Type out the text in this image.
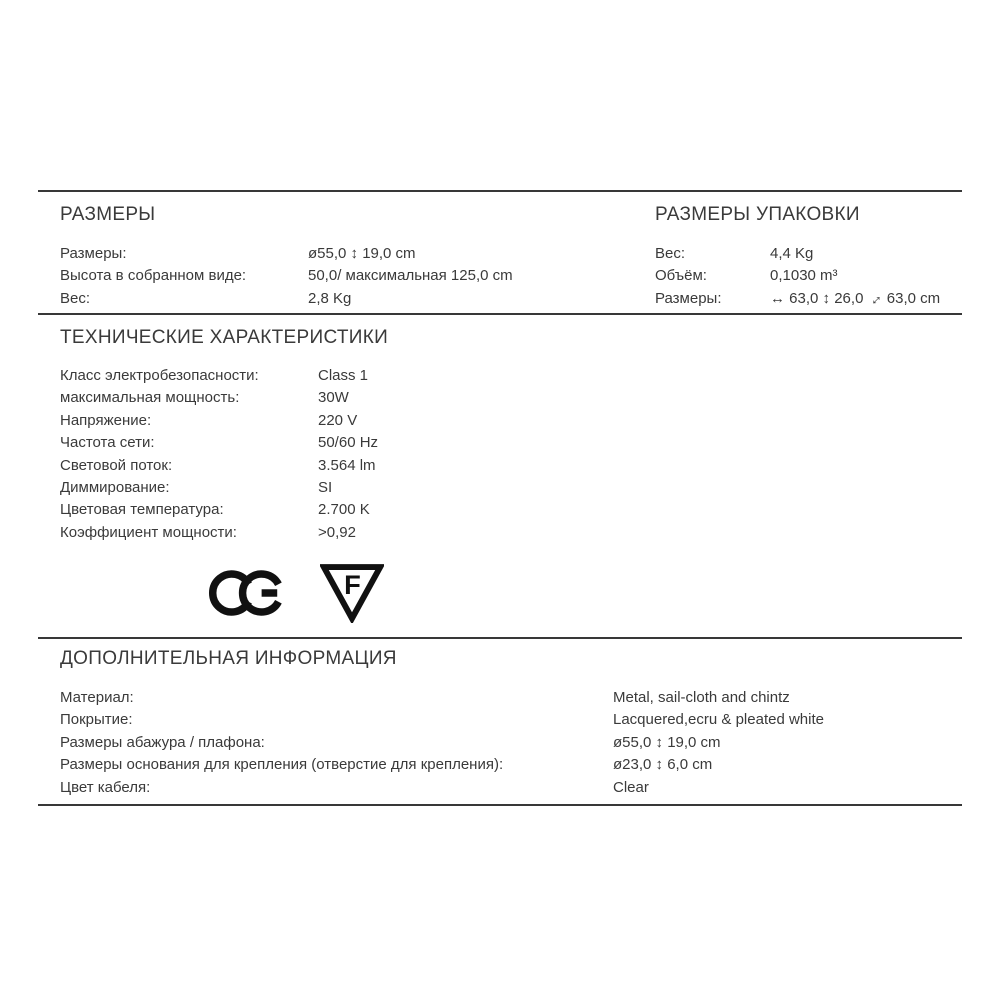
РАЗМЕРЫ
Размеры:	ø55,0 ↕ 19,0 cm
Высота в собранном виде:	50,0/ максимальная 125,0 cm
Вес:	2,8 Kg
РАЗМЕРЫ УПАКОВКИ
Вес:	4,4 Kg
Объём:	0,1030 m³
Размеры:	↔ 63,0 ↕ 26,0 ↔ 63,0 cm
ТЕХНИЧЕСКИЕ ХАРАКТЕРИСТИКИ
Класс электробезопасности:	Class 1
максимальная мощность:	30W
Напряжение:	220 V
Частота сети:	50/60 Hz
Световой поток:	3.564 lm
Диммирование:	SI
Цветовая температура:	2.700 K
Коэффициент мощности:	>0,92
F
ДОПОЛНИТЕЛЬНАЯ ИНФОРМАЦИЯ
Материал:	Metal, sail-cloth and chintz
Покрытие:	Lacquered,ecru & pleated white
Размеры абажура / плафона:	ø55,0 ↕ 19,0 cm
Размеры основания для крепления (отверстие для крепления):	ø23,0 ↕ 6,0 cm
Цвет кабеля:	Clear
